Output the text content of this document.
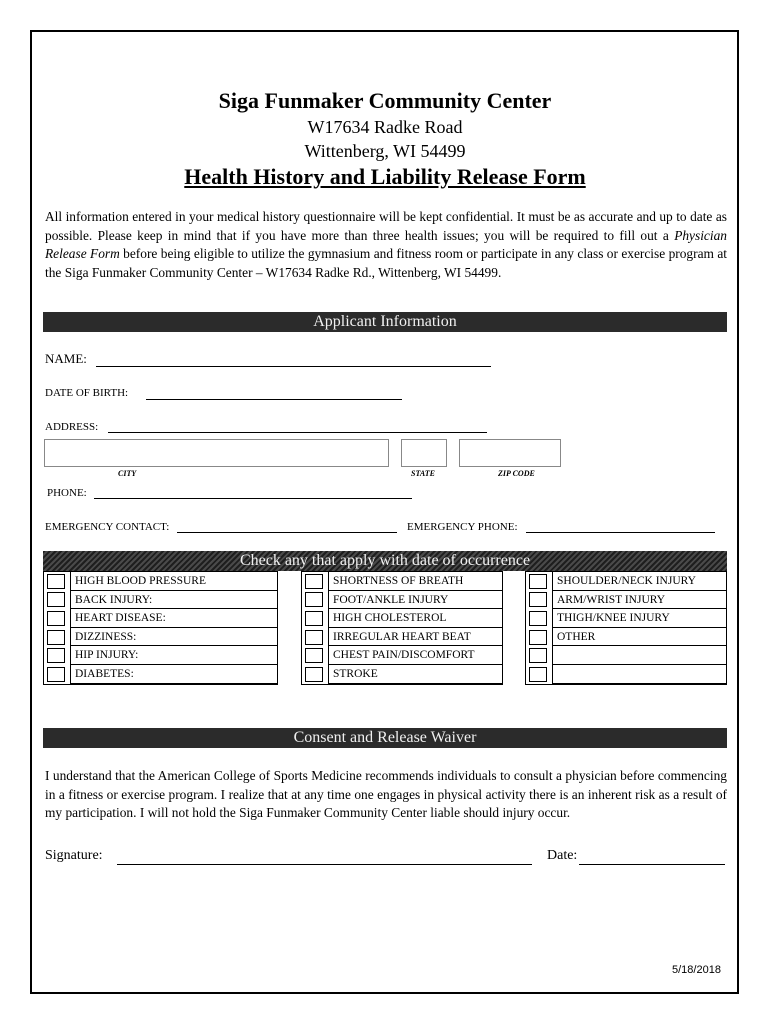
Siga Funmaker Community Center
W17634 Radke Road
Wittenberg, WI 54499
Health History and Liability Release Form
All information entered in your medical history questionnaire will be kept confidential. It must be as accurate and up to date as possible. Please keep in mind that if you have more than three health issues; you will be required to fill out a Physician Release Form before being eligible to utilize the gymnasium and fitness room or participate in any class or exercise program at the Siga Funmaker Community Center – W17634 Radke Rd., Wittenberg, WI 54499.
Applicant Information
NAME:
DATE OF BIRTH:
ADDRESS:
CITY	STATE	ZIP CODE
PHONE:
EMERGENCY CONTACT:	EMERGENCY PHONE:
Check any that apply with date of occurrence
HIGH BLOOD PRESSURE
BACK INJURY:
HEART DISEASE:
DIZZINESS:
HIP INJURY:
DIABETES:
SHORTNESS OF BREATH
FOOT/ANKLE INJURY
HIGH CHOLESTEROL
IRREGULAR HEART BEAT
CHEST PAIN/DISCOMFORT
STROKE
SHOULDER/NECK INJURY
ARM/WRIST INJURY
THIGH/KNEE INJURY
OTHER
Consent and Release Waiver
I understand that the American College of Sports Medicine recommends individuals to consult a physician before commencing in a fitness or exercise program. I realize that at any time one engages in physical activity there is an inherent risk as a result of my participation. I will not hold the Siga Funmaker Community Center liable should injury occur.
Signature:	Date:
5/18/2018
